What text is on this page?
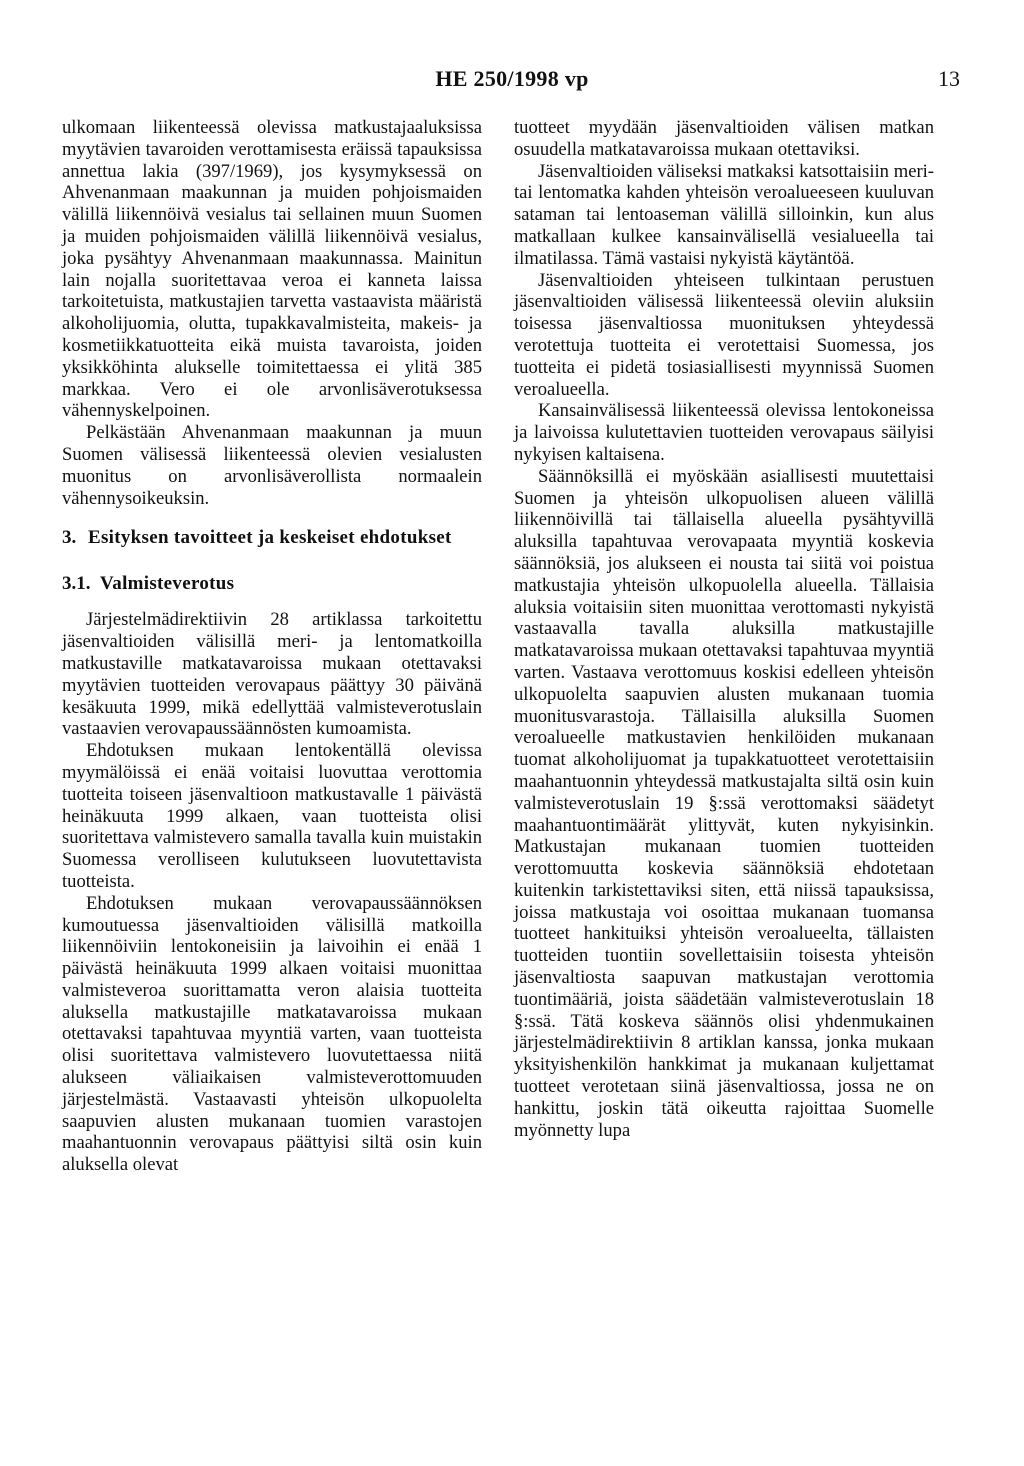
HE 250/1998 vp	13

ulkomaan liikenteessä olevissa matkustajaaluksissa myytävien tavaroiden verottamisesta eräissä tapauksissa annettua lakia (397/1969), jos kysymyksessä on Ahvenanmaan maakunnan ja muiden pohjoismaiden välillä liikennöivä vesialus tai sellainen muun Suomen ja muiden pohjoismaiden välillä liikennöivä vesialus, joka pysähtyy Ahvenanmaan maakunnassa. Mainitun lain nojalla suoritettavaa veroa ei kanneta laissa tarkoitetuista, matkustajien tarvetta vastaavista määristä alkoholijuomia, olutta, tupakkavalmisteita, makeis- ja kosmetiikkatuotteita eikä muista tavaroista, joiden yksikköhinta alukselle toimitettaessa ei ylitä 385 markkaa. Vero ei ole arvonlisäverotuksessa vähennyskelpoinen.

Pelkästään Ahvenanmaan maakunnan ja muun Suomen välisessä liikenteessä olevien vesialusten muonitus on arvonlisäverollista normaalein vähennysoikeuksin.

3. Esityksen tavoitteet ja keskeiset ehdotukset
3.1. Valmisteverotus

Järjestelmädirektiivin 28 artiklassa tarkoitettu jäsenvaltioiden välisillä meri- ja lentomatkoilla matkustaville matkatavaroissa mukaan otettavaksi myytävien tuotteiden verovapaus päättyy 30 päivänä kesäkuuta 1999, mikä edellyttää valmisteverotuslain vastaavien verovapaussäännösten kumoamista.

Ehdotuksen mukaan lentokentällä olevissa myymälöissä ei enää voitaisi luovuttaa verottomia tuotteita toiseen jäsenvaltioon matkustavalle 1 päivästä heinäkuuta 1999 alkaen, vaan tuotteista olisi suoritettava valmistevero samalla tavalla kuin muistakin Suomessa verolliseen kulutukseen luovutettavista tuotteista.

Ehdotuksen mukaan verovapaussäännöksen kumoutuessa jäsenvaltioiden välisillä matkoilla liikennöiviin lentokoneisiin ja laivoihin ei enää 1 päivästä heinäkuuta 1999 alkaen voitaisi muonittaa valmisteveroa suorittamatta veron alaisia tuotteita aluksella matkustajille matkatavaroissa mukaan otettavaksi tapahtuvaa myyntiä varten, vaan tuotteista olisi suoritettava valmistevero luovutettaessa niitä alukseen väliaikaisen valmisteverottomuuden järjestelmästä. Vastaavasti yhteisön ulkopuolelta saapuvien alusten mukanaan tuomien varastojen maahantuonnin verovapaus päättyisi siltä osin kuin aluksella olevat

tuotteet myydään jäsenvaltioiden välisen matkan osuudella matkatavaroissa mukaan otettaviksi.

Jäsenvaltioiden väliseksi matkaksi katsottaisiin meri- tai lentomatka kahden yhteisön veroalueeseen kuuluvan sataman tai lentoaseman välillä silloinkin, kun alus matkallaan kulkee kansainvälisellä vesialueella tai ilmatilassa. Tämä vastaisi nykyistä käytäntöä.

Jäsenvaltioiden yhteiseen tulkintaan perustuen jäsenvaltioiden välisessä liikenteessä oleviin aluksiin toisessa jäsenvaltiossa muonituksen yhteydessä verotettuja tuotteita ei verotettaisi Suomessa, jos tuotteita ei pidetä tosiasiallisesti myynnissä Suomen veroalueella.

Kansainvälisessä liikenteessä olevissa lentokoneissa ja laivoissa kulutettavien tuotteiden verovapaus säilyisi nykyisen kaltaisena.

Säännöksillä ei myöskään asiallisesti muutettaisi Suomen ja yhteisön ulkopuolisen alueen välillä liikennöivillä tai tällaisella alueella pysähtyvillä aluksilla tapahtuvaa verovapaata myyntiä koskevia säännöksiä, jos alukseen ei nousta tai siitä voi poistua matkustajia yhteisön ulkopuolella alueella. Tällaisia aluksia voitaisiin siten muonittaa verottomasti nykyistä vastaavalla tavalla aluksilla matkustajille matkatavaroissa mukaan otettavaksi tapahtuvaa myyntiä varten. Vastaava verottomuus koskisi edelleen yhteisön ulkopuolelta saapuvien alusten mukanaan tuomia muonitusvarastoja. Tällaisilla aluksilla Suomen veroalueelle matkustavien henkilöiden mukanaan tuomat alkoholijuomat ja tupakkatuotteet verotettaisiin maahantuonnin yhteydessä matkustajalta siltä osin kuin valmisteverotuslain 19 §:ssä verottomaksi säädetyt maahantuontimäärät ylittyvät, kuten nykyisinkin. Matkustajan mukanaan tuomien tuotteiden verottomuutta koskevia säännöksiä ehdotetaan kuitenkin tarkistettaviksi siten, että niissä tapauksissa, joissa matkustaja voi osoittaa mukanaan tuomansa tuotteet hankituiksi yhteisön veroalueelta, tällaisten tuotteiden tuontiin sovellettaisiin toisesta yhteisön jäsenvaltiosta saapuvan matkustajan verottomia tuontimääriä, joista säädetään valmisteverotuslain 18 §:ssä. Tätä koskeva säännös olisi yhdenmukainen järjestelmädirektiivin 8 artiklan kanssa, jonka mukaan yksityishenkilön hankkimat ja mukanaan kuljettamat tuotteet verotetaan siinä jäsenvaltiossa, jossa ne on hankittu, joskin tätä oikeutta rajoittaa Suomelle myönnetty lupa
